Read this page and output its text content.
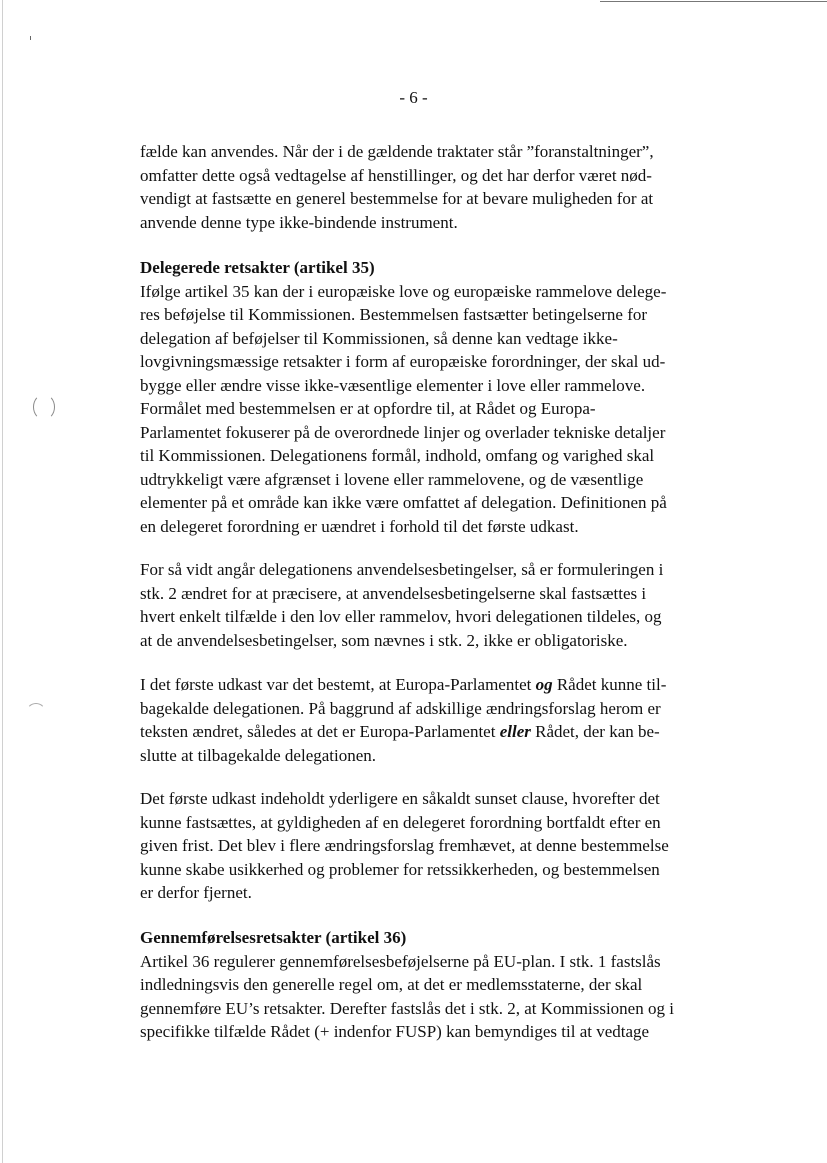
- 6 -
fælde kan anvendes. Når der i de gældende traktater står ”foranstaltninger”,
omfatter dette også vedtagelse af henstillinger, og det har derfor været nød-
vendigt at fastsætte en generel bestemmelse for at bevare muligheden for at
anvende denne type ikke-bindende instrument.
Delegerede retsakter (artikel 35)
Ifølge artikel 35 kan der i europæiske love og europæiske rammelove delege-
res beføjelse til Kommissionen. Bestemmelsen fastsætter betingelserne for
delegation af beføjelser til Kommissionen, så denne kan vedtage ikke-
lovgivningsmæssige retsakter i form af europæiske forordninger, der skal ud-
bygge eller ændre visse ikke-væsentlige elementer i love eller rammelove.
Formålet med bestemmelsen er at opfordre til, at Rådet og Europa-
Parlamentet fokuserer på de overordnede linjer og overlader tekniske detaljer
til Kommissionen. Delegationens formål, indhold, omfang og varighed skal
udtrykkeligt være afgrænset i lovene eller rammelovene, og de væsentlige
elementer på et område kan ikke være omfattet af delegation. Definitionen på
en delegeret forordning er uændret i forhold til det første udkast.
For så vidt angår delegationens anvendelsesbetingelser, så er formuleringen i
stk. 2 ændret for at præcisere, at anvendelsesbetingelserne skal fastsættes i
hvert enkelt tilfælde i den lov eller rammelov, hvori delegationen tildeles, og
at de anvendelsesbetingelser, som nævnes i stk. 2, ikke er obligatoriske.
I det første udkast var det bestemt, at Europa-Parlamentet og Rådet kunne til-
bagekalde delegationen. På baggrund af adskillige ændringsforslag herom er
teksten ændret, således at det er Europa-Parlamentet eller Rådet, der kan be-
slutte at tilbagekalde delegationen.
Det første udkast indeholdt yderligere en såkaldt sunset clause, hvorefter det
kunne fastsættes, at gyldigheden af en delegeret forordning bortfaldt efter en
given frist. Det blev i flere ændringsforslag fremhævet, at denne bestemmelse
kunne skabe usikkerhed og problemer for retssikkerheden, og bestemmelsen
er derfor fjernet.
Gennemførelsesretsakter (artikel 36)
Artikel 36 regulerer gennemførelsesbeføjelserne på EU-plan. I stk. 1 fastslås
indledningsvis den generelle regel om, at det er medlemsstaterne, der skal
gennemføre EU’s retsakter. Derefter fastslås det i stk. 2, at Kommissionen og i
specifikke tilfælde Rådet (+ indenfor FUSP) kan bemyndiges til at vedtage
